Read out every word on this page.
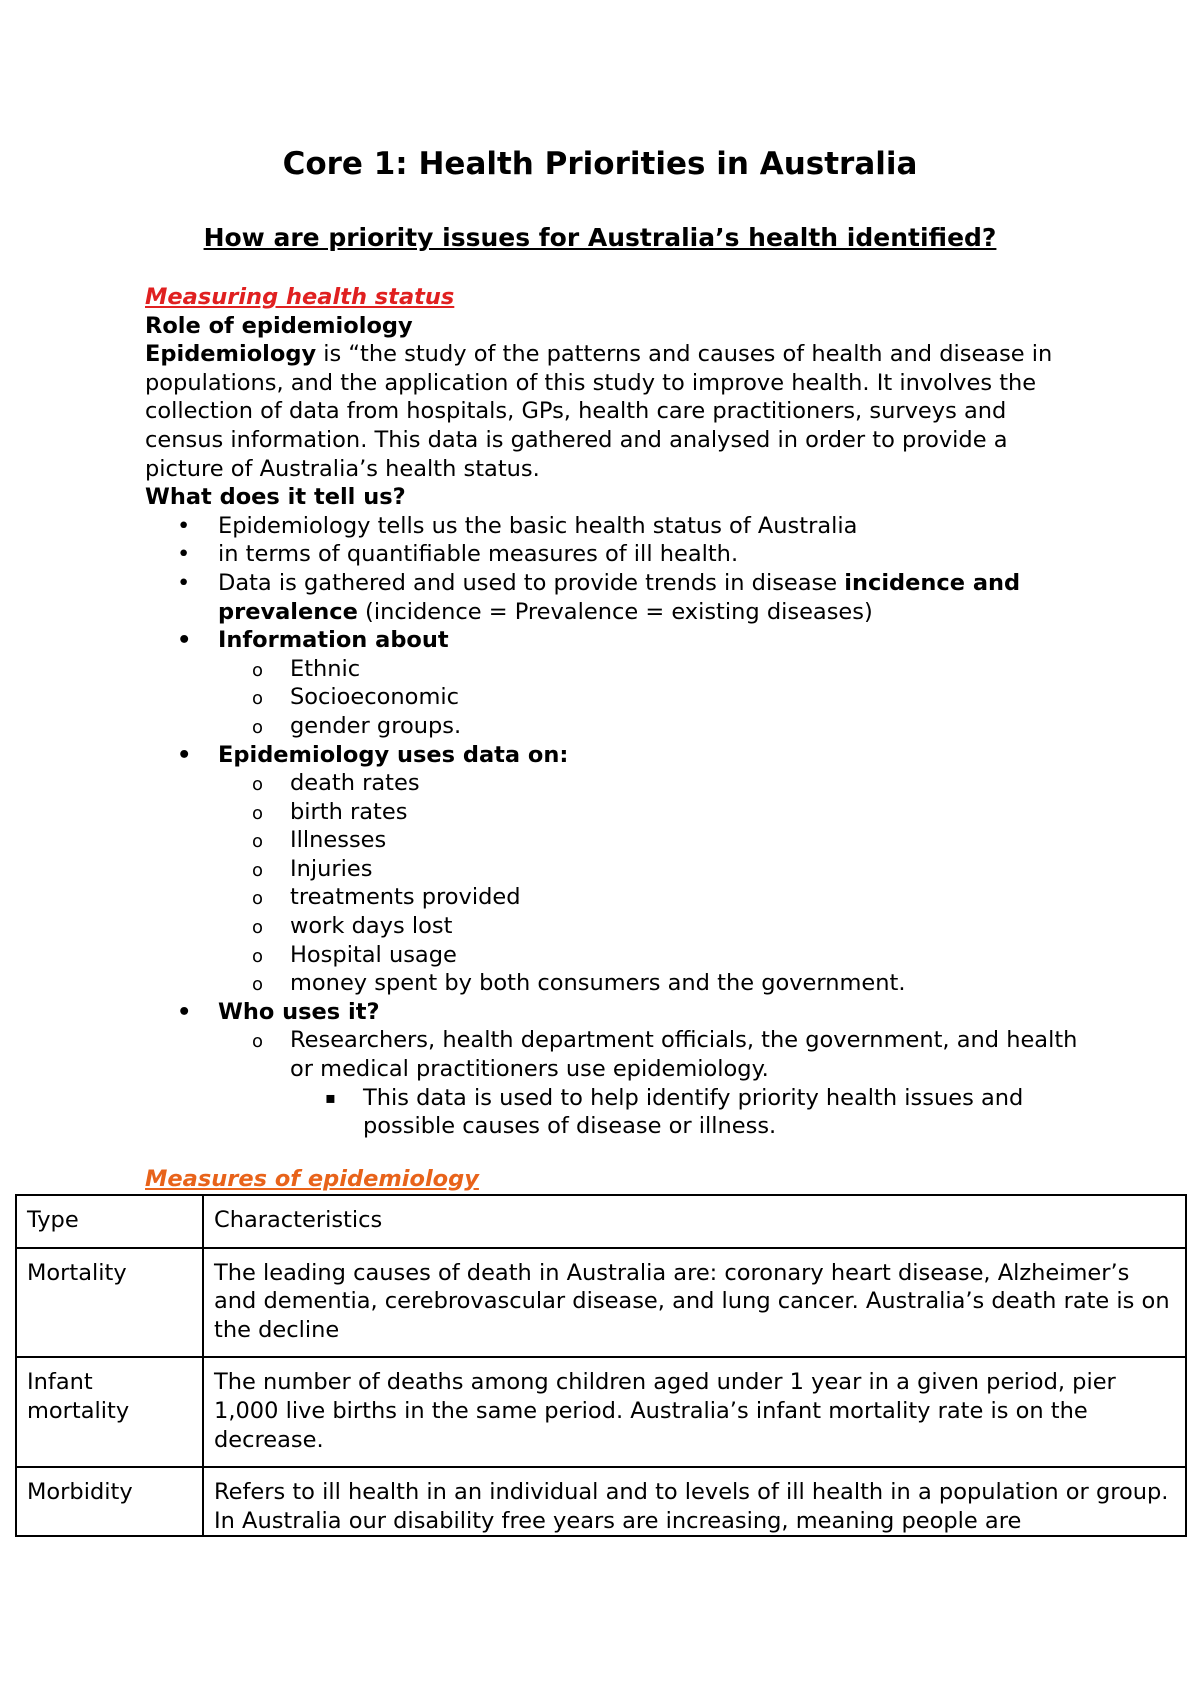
Core 1: Health Priorities in Australia
How are priority issues for Australia’s health identified?

Measuring health status

Role of epidemiology

Epidemiology is “the study of the patterns and causes of health and disease in populations, and the application of this study to improve health. It involves the collection of data from hospitals, GPs, health care practitioners, surveys and census information. This data is gathered and analysed in order to provide a picture of Australia’s health status.

What does it tell us?

• Epidemiology tells us the basic health status of Australia
• in terms of quantifiable measures of ill health.
• Data is gathered and used to provide trends in disease incidence and prevalence (incidence = Prevalence = existing diseases)
• Information about
o Ethnic
o Socioeconomic
o gender groups.
• Epidemiology uses data on:
o death rates
o birth rates
o Illnesses
o Injuries
o treatments provided
o work days lost
o Hospital usage
o money spent by both consumers and the government.
• Who uses it?
o Researchers, health department officials, the government, and health or medical practitioners use epidemiology.
▪ This data is used to help identify priority health issues and possible causes of disease or illness.
Measures of epidemiology
Type	Characteristics
Mortality	The leading causes of death in Australia are: coronary heart disease, Alzheimer’s and dementia, cerebrovascular disease, and lung cancer. Australia’s death rate is on the decline
Infant mortality	The number of deaths among children aged under 1 year in a given period, pier 1,000 live births in the same period. Australia’s infant mortality rate is on the decrease.
Morbidity	Refers to ill health in an individual and to levels of ill health in a population or group. In Australia our disability free years are increasing, meaning people are
